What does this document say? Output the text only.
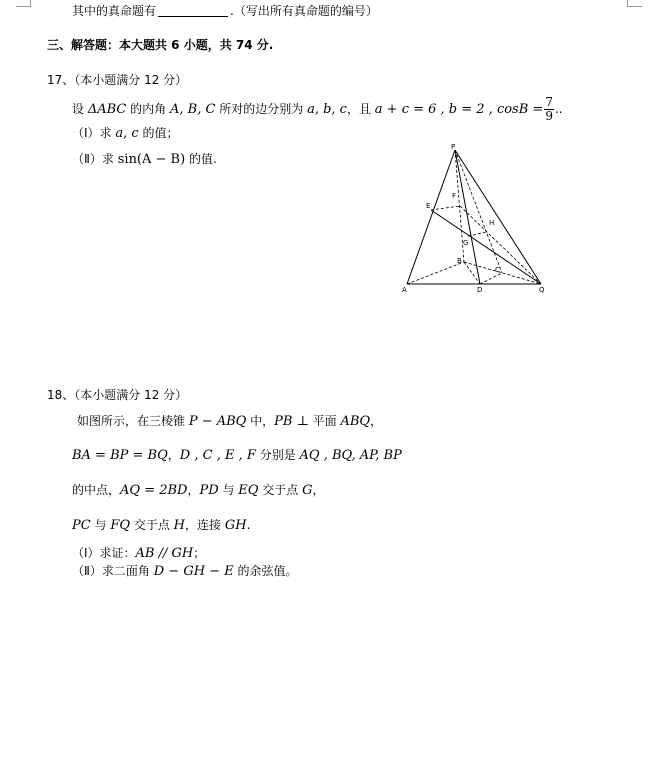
其中的真命题有	.（写出所有真命题的编号）
三、解答题：本大题共 6 小题，共 74 分.
17、（本小题满分 12 分）
设 ΔABC 的内角 A, B, C 所对的边分别为 a, b, c，且 a + c = 6 , b = 2 , $\cos B = \frac{7}{9}$ ..
（Ⅰ）求 a, c 的值；
（Ⅱ）求 sin(A − B) 的值.
P
F
E
H
G
B
C
A	D	Q
18、（本小题满分 12 分）
如图所示，在三棱锥 P − ABQ 中，PB ⊥ 平面 ABQ，
BA = BP = BQ，D , C , E , F 分别是 AQ , BQ, AP, BP
的中点，AQ = 2BD，PD 与 EQ 交于点 G，
PC 与 FQ 交于点 H，连接 GH.
（Ⅰ）求证：AB // GH；
（Ⅱ）求二面角 D − GH − E 的余弦值。
